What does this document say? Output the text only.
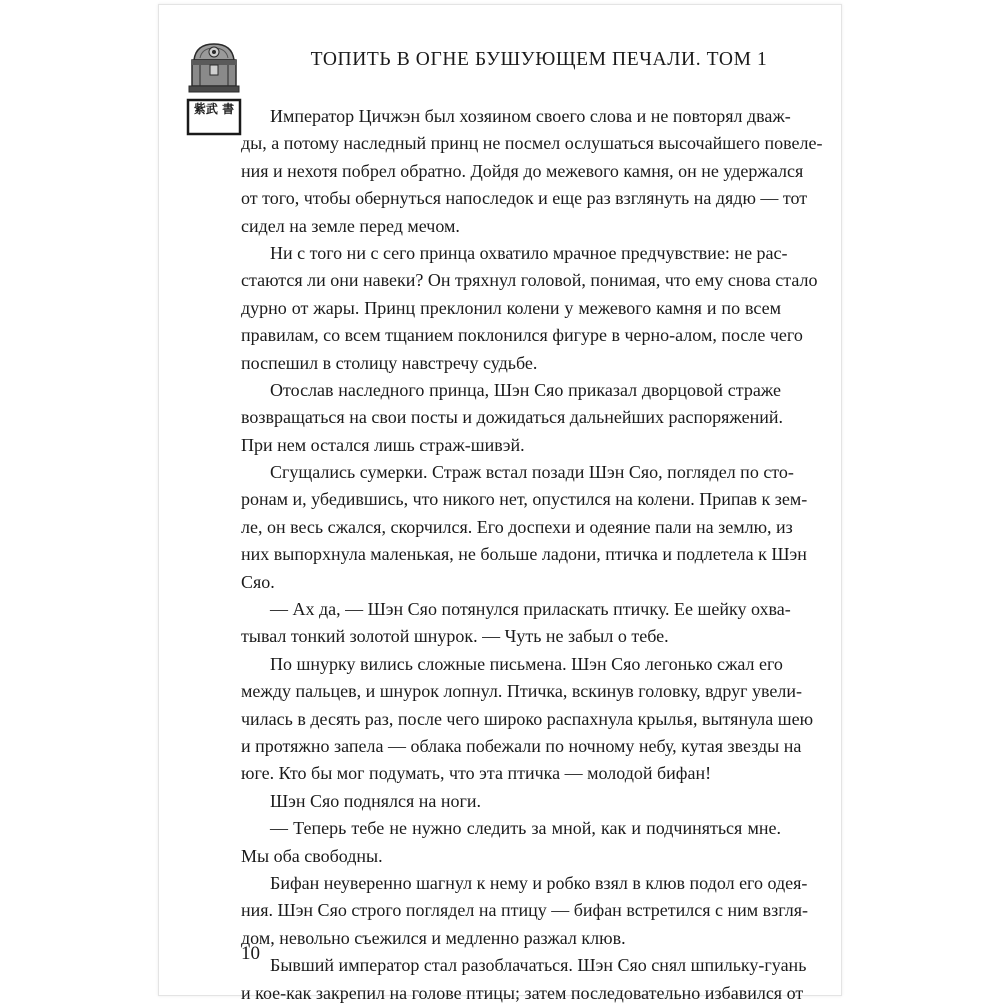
紫武 書
ТОПИТЬ В ОГНЕ БУШУЮЩЕМ ПЕЧАЛИ. ТОМ 1
Император Цичжэн был хозяином своего слова и не повторял дваж-
ды, а потому наследный принц не посмел ослушаться высочайшего повеле-
ния и нехотя побрел обратно. Дойдя до межевого камня, он не удержался
от того, чтобы обернуться напоследок и еще раз взглянуть на дядю — тот
сидел на земле перед мечом.
Ни с того ни с сего принца охватило мрачное предчувствие: не рас-
стаются ли они навеки? Он тряхнул головой, понимая, что ему снова стало
дурно от жары. Принц преклонил колени у межевого камня и по всем
правилам, со всем тщанием поклонился фигуре в черно-алом, после чего
поспешил в столицу навстречу судьбе.
Отослав наследного принца, Шэн Сяо приказал дворцовой страже
возвращаться на свои посты и дожидаться дальнейших распоряжений.
При нем остался лишь страж-шивэй.
Сгущались сумерки. Страж встал позади Шэн Сяо, поглядел по сто-
ронам и, убедившись, что никого нет, опустился на колени. Припав к зем-
ле, он весь сжался, скорчился. Его доспехи и одеяние пали на землю, из
них выпорхнула маленькая, не больше ладони, птичка и подлетела к Шэн
Сяо.
— Ах да, — Шэн Сяо потянулся приласкать птичку. Ее шейку охва-
тывал тонкий золотой шнурок. — Чуть не забыл о тебе.
По шнурку вились сложные письмена. Шэн Сяо легонько сжал его
между пальцев, и шнурок лопнул. Птичка, вскинув головку, вдруг увели-
чилась в десять раз, после чего широко распахнула крылья, вытянула шею
и протяжно запела — облака побежали по ночному небу, кутая звезды на
юге. Кто бы мог подумать, что эта птичка — молодой бифан!
Шэн Сяо поднялся на ноги.
— Теперь тебе не нужно следить за мной, как и подчиняться мне.
Мы оба свободны.
Бифан неуверенно шагнул к нему и робко взял в клюв подол его одея-
ния. Шэн Сяо строго поглядел на птицу — бифан встретился с ним взгля-
дом, невольно съежился и медленно разжал клюв.
Бывший император стал разоблачаться. Шэн Сяо снял шпильку-гуань
и кое-как закрепил на голове птицы; затем последовательно избавился от
10
